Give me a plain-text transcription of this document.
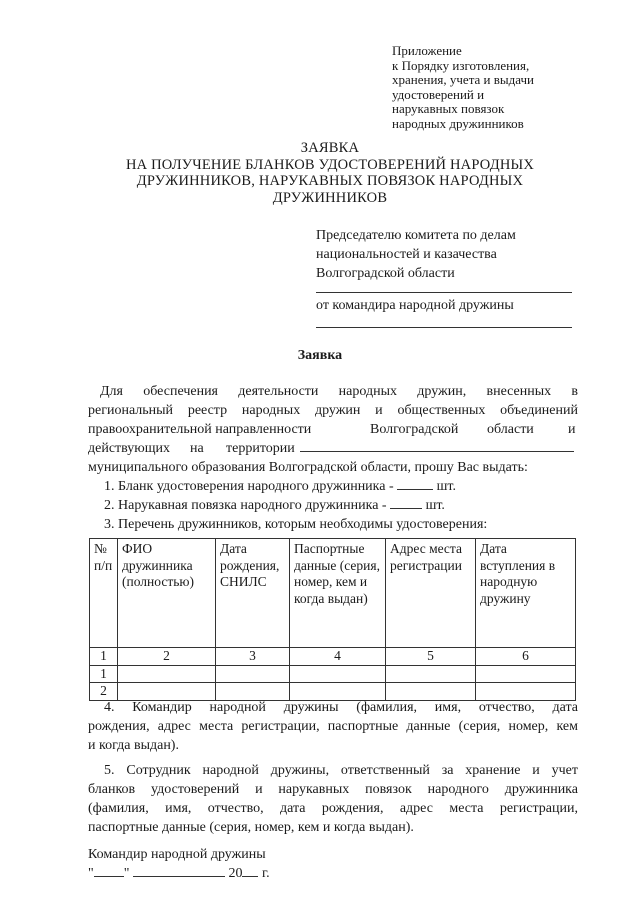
Приложение
к Порядку изготовления,
хранения, учета и выдачи
удостоверений и
нарукавных повязок
народных дружинников
ЗАЯВКА
НА ПОЛУЧЕНИЕ БЛАНКОВ УДОСТОВЕРЕНИЙ НАРОДНЫХ
ДРУЖИННИКОВ, НАРУКАВНЫХ ПОВЯЗОК НАРОДНЫХ
ДРУЖИННИКОВ
Председателю комитета по делам
национальностей и казачества
Волгоградской области
от командира народной дружины
Заявка
Для обеспечения деятельности народных дружин, внесенных в
региональный реестр народных дружин и общественных объединений
правоохранительной направленности	Волгоградской области и
действующих на территории
муниципального образования Волгоградской области, прошу Вас выдать:
1. Бланк удостоверения народного дружинника -	шт.
2. Нарукавная повязка народного дружинника -	шт.
3. Перечень дружинников, которым необходимы удостоверения:
№ п/п	ФИО дружинника (полностью)	Дата рождения, СНИЛС	Паспортные данные (серия, номер, кем и когда выдан)	Адрес места регистрации	Дата вступления в народную дружину
1	2	3	4	5	6
1					
2					
4. Командир народной дружины (фамилия, имя, отчество, дата
рождения, адрес места регистрации, паспортные данные (серия, номер, кем
и когда выдан).
5. Сотрудник народной дружины, ответственный за хранение и учет
бланков удостоверений и нарукавных повязок народного дружинника
(фамилия, имя, отчество, дата рождения, адрес места регистрации,
паспортные данные (серия, номер, кем и когда выдан).
Командир народной дружины
" "	20 г.
